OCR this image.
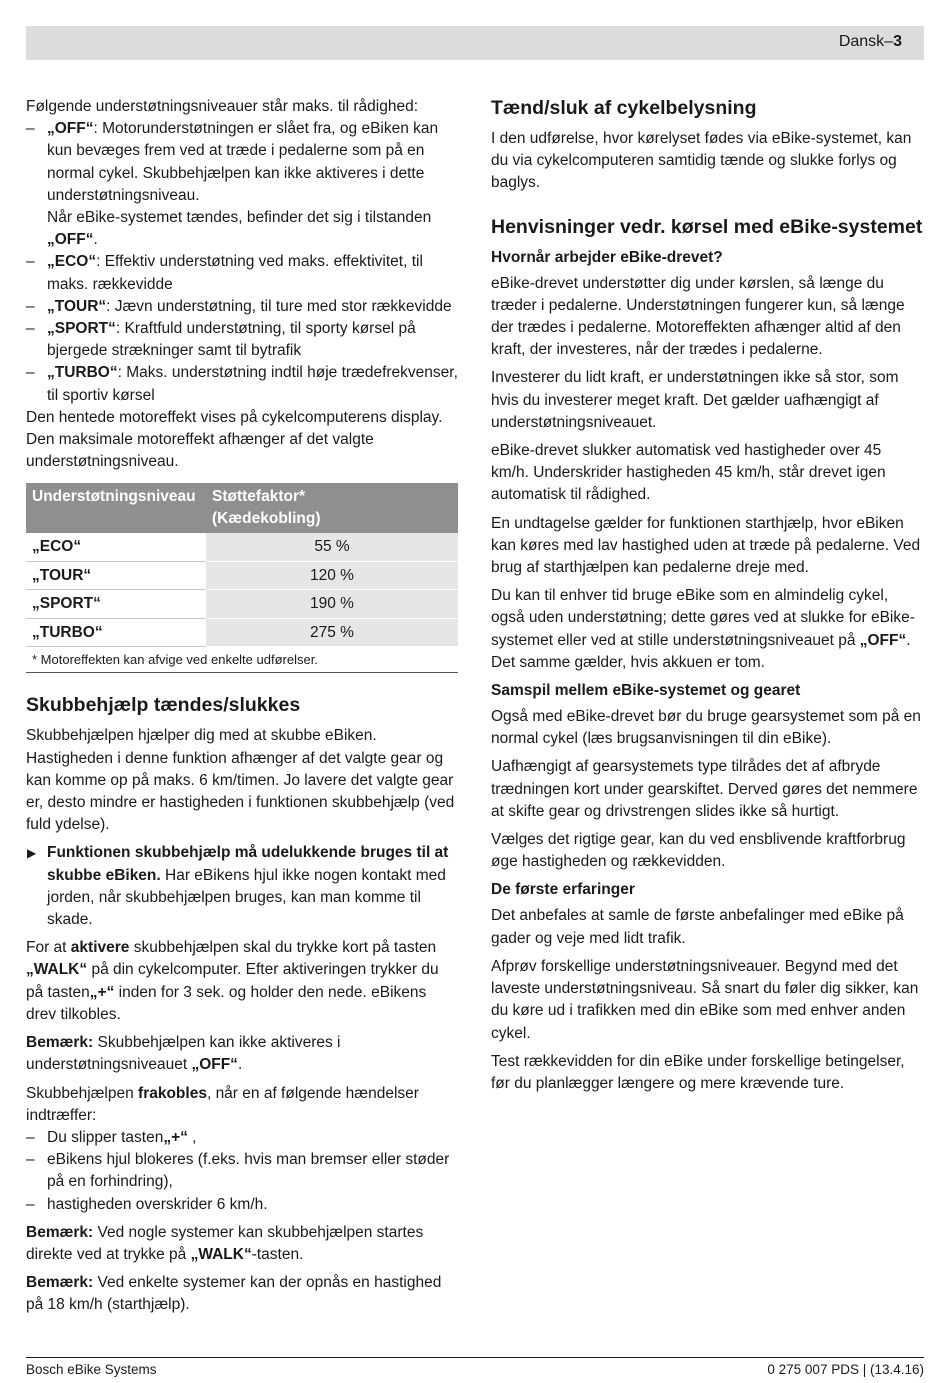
Dansk–3

Følgende understøtningsniveauer står maks. til rådighed:

– „OFF“: Motorunderstøtningen er slået fra, og eBiken kan kun bevæges frem ved at træde i pedalerne som på en normal cykel. Skubbehjælpen kan ikke aktiveres i dette understøtningsniveau.
Når eBike-systemet tændes, befinder det sig i tilstanden „OFF“.
– „ECO“: Effektiv understøtning ved maks. effektivitet, til maks. rækkevidde
– „TOUR“: Jævn understøtning, til ture med stor rækkevidde
– „SPORT“: Kraftfuld understøtning, til sporty kørsel på bjergede strækninger samt til bytrafik
– „TURBO“: Maks. understøtning indtil høje trædefrekvenser, til sportiv kørsel

Den hentede motoreffekt vises på cykelcomputerens display. Den maksimale motoreffekt afhænger af det valgte understøtningsniveau.

Understøtningsniveau	Støttefaktor*
(Kædekobling)
„ECO“	55 %
„TOUR“	120 %
„SPORT“	190 %
„TURBO“	275 %
* Motoreffekten kan afvige ved enkelte udførelser.
Skubbehjælp tændes/slukkes

Skubbehjælpen hjælper dig med at skubbe eBiken. Hastigheden i denne funktion afhænger af det valgte gear og kan komme op på maks. 6 km/timen. Jo lavere det valgte gear er, desto mindre er hastigheden i funktionen skubbehjælp (ved fuld ydelse).

▶ Funktionen skubbehjælp må udelukkende bruges til at skubbe eBiken. Har eBikens hjul ikke nogen kontakt med jorden, når skubbehjælpen bruges, kan man komme til skade.

For at aktivere skubbehjælpen skal du trykke kort på tasten „WALK“ på din cykelcomputer. Efter aktiveringen trykker du på tasten„+“ inden for 3 sek. og holder den nede. eBikens drev tilkobles.

Bemærk: Skubbehjælpen kan ikke aktiveres i understøtningsniveauet „OFF“.

Skubbehjælpen frakobles, når en af følgende hændelser indtræffer:

– Du slipper tasten„+“ ,
– eBikens hjul blokeres (f.eks. hvis man bremser eller støder på en forhindring),
– hastigheden overskrider 6 km/h.

Bemærk: Ved nogle systemer kan skubbehjælpen startes direkte ved at trykke på „WALK“-tasten.

Bemærk: Ved enkelte systemer kan der opnås en hastighed på 18 km/h (starthjælp).

Tænd/sluk af cykelbelysning

I den udførelse, hvor kørelyset fødes via eBike-systemet, kan du via cykelcomputeren samtidig tænde og slukke forlys og baglys.

Henvisninger vedr. kørsel med eBike-systemet
Hvornår arbejder eBike-drevet?

eBike-drevet understøtter dig under kørslen, så længe du træder i pedalerne. Understøtningen fungerer kun, så længe der trædes i pedalerne. Motoreffekten afhænger altid af den kraft, der investeres, når der trædes i pedalerne.

Investerer du lidt kraft, er understøtningen ikke så stor, som hvis du investerer meget kraft. Det gælder uafhængigt af understøtningsniveauet.

eBike-drevet slukker automatisk ved hastigheder over 45 km/h. Underskrider hastigheden 45 km/h, står drevet igen automatisk til rådighed.

En undtagelse gælder for funktionen starthjælp, hvor eBiken kan køres med lav hastighed uden at træde på pedalerne. Ved brug af starthjælpen kan pedalerne dreje med.

Du kan til enhver tid bruge eBike som en almindelig cykel, også uden understøtning; dette gøres ved at slukke for eBike-systemet eller ved at stille understøtningsniveauet på „OFF“. Det samme gælder, hvis akkuen er tom.

Samspil mellem eBike-systemet og gearet

Også med eBike-drevet bør du bruge gearsystemet som på en normal cykel (læs brugsanvisningen til din eBike).

Uafhængigt af gearsystemets type tilrådes det af afbryde trædningen kort under gearskiftet. Derved gøres det nemmere at skifte gear og drivstrengen slides ikke så hurtigt.

Vælges det rigtige gear, kan du ved ensblivende kraftforbrug øge hastigheden og rækkevidden.

De første erfaringer

Det anbefales at samle de første anbefalinger med eBike på gader og veje med lidt trafik.

Afprøv forskellige understøtningsniveauer. Begynd med det laveste understøtningsniveau. Så snart du føler dig sikker, kan du køre ud i trafikken med din eBike som med enhver anden cykel.

Test rækkevidden for din eBike under forskellige betingelser, før du planlægger længere og mere krævende ture.

Bosch eBike Systems	0 275 007 PDS | (13.4.16)
